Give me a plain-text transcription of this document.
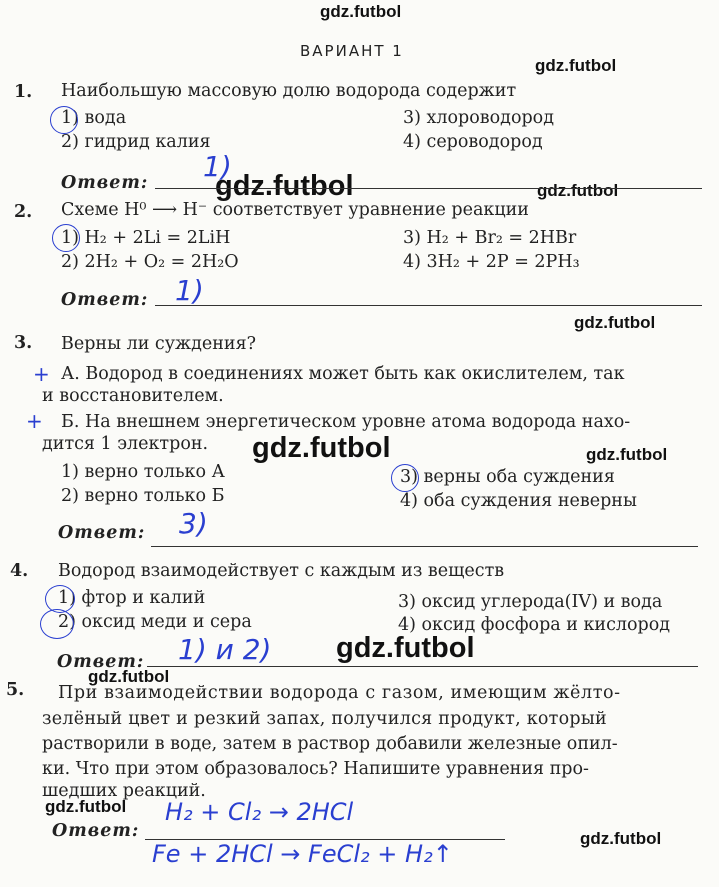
gdz.futbol
gdz.futbol
gdz.futbol	gdz.futbol
gdz.futbol
gdz.futbol	gdz.futbol
gdz.futbol
gdz.futbol
gdz.futbol
gdz.futbol
ВАРИАНТ 1
1. Наибольшую массовую долю водорода содержит
1) вода
2) гидрид калия
3) хлороводород
4) сероводород
Ответ: 1)
2. Схеме H⁰ ⟶ H⁻ соответствует уравнение реакции
1) H₂ + 2Li = 2LiH
2) 2H₂ + O₂ = 2H₂O
3) H₂ + Br₂ = 2HBr
4) 3H₂ + 2P = 2PH₃
Ответ: 1)
3. Верны ли суждения?
+ А. Водород в соединениях может быть как окислителем, так
и восстановителем.
+ Б. На внешнем энергетическом уровне атома водорода нахо-
дится 1 электрон.
1) верно только А
2) верно только Б
3) верны оба суждения
4) оба суждения неверны
Ответ: 3)
4. Водород взаимодействует с каждым из веществ
1) фтор и калий
2) оксид меди и сера
3) оксид углерода(IV) и вода
4) оксид фосфора и кислород
Ответ: 1) и 2)
5. При взаимодействии водорода с газом, имеющим жёлто-
зелёный цвет и резкий запах, получился продукт, который
растворили в воде, затем в раствор добавили железные опил-
ки. Что при этом образовалось? Напишите уравнения про-
шедших реакций.
Ответ:
H₂ + Cl₂ → 2HCl
Fe + 2HCl → FeCl₂ + H₂↑
